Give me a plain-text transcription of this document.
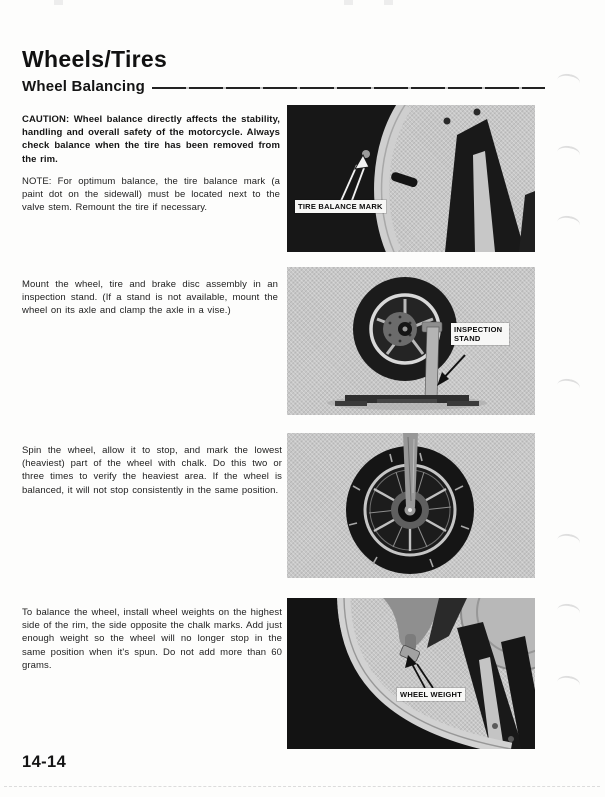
Wheels/Tires
Wheel Balancing

CAUTION: Wheel balance directly affects the stability, handling and overall safety of the motorcycle. Always check balance when the tire has been removed from the rim.

NOTE: For optimum balance, the tire balance mark (a paint dot on the sidewall) must be located next to the valve stem. Remount the tire if necessary.

Mount the wheel, tire and brake disc assembly in an inspection stand. (If a stand is not available, mount the wheel on its axle and clamp the axle in a vise.)

Spin the wheel, allow it to stop, and mark the lowest (heaviest) part of the wheel with chalk. Do this two or three times to verify the heaviest area. If the wheel is balanced, it will not stop consistently in the same position.

To balance the wheel, install wheel weights on the highest side of the rim, the side opposite the chalk marks. Add just enough weight so the wheel will no longer stop in the same position when it's spun. Do not add more than 60 grams.

TIRE BALANCE MARK
INSPECTION STAND
WHEEL WEIGHT

14-14
